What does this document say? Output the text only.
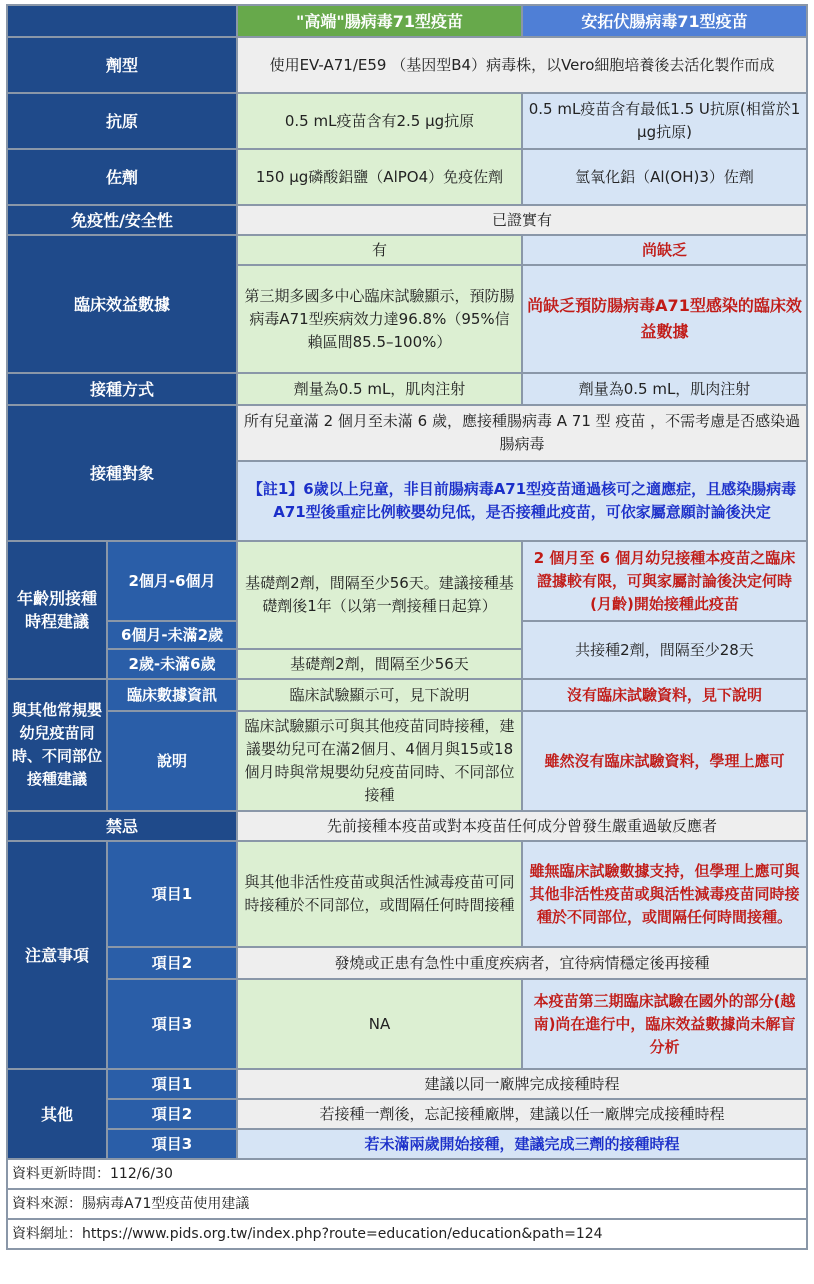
		"高端"腸病毒71型疫苗	安拓伏腸病毒71型疫苗
劑型		使用EV-A71/E59 （基因型B4）病毒株，以Vero細胞培養後去活化製作而成	
抗原		0.5 mL疫苗含有2.5 µg抗原	0.5 mL疫苗含有最低1.5 U抗原(相當於1 µg抗原)
佐劑		150 µg磷酸鋁鹽（AlPO4）免疫佐劑	氫氧化鋁（Al(OH)3）佐劑
免疫性/安全性		已證實有	
臨床效益數據		有	尚缺乏
		第三期多國多中心臨床試驗顯示，預防腸病毒A71型疾病效力達96.8%（95%信賴區間85.5–100%）	尚缺乏預防腸病毒A71型感染的臨床效益數據
接種方式		劑量為0.5 mL，肌肉注射	劑量為0.5 mL，肌肉注射
接種對象		所有兒童滿 2 個月至未滿 6 歲，應接種腸病毒 A 71 型 疫苗 ，不需考慮是否感染過腸病毒	
		【註1】6歲以上兒童，非目前腸病毒A71型疫苗通過核可之適應症，且感染腸病毒A71型後重症比例較嬰幼兒低，是否接種此疫苗，可依家屬意願討論後決定	
年齡別接種時程建議	2個月-6個月	基礎劑2劑，間隔至少56天。建議接種基礎劑後1年（以第一劑接種日起算）	2 個月至 6 個月幼兒接種本疫苗之臨床證據較有限，可與家屬討論後決定何時(月齡)開始接種此疫苗
	6個月-未滿2歲		共接種2劑，間隔至少28天
	2歲-未滿6歲	基礎劑2劑，間隔至少56天	
與其他常規嬰幼兒疫苗同時、不同部位接種建議	臨床數據資訊	臨床試驗顯示可，見下說明	沒有臨床試驗資料，見下說明
	說明	臨床試驗顯示可與其他疫苗同時接種，建議嬰幼兒可在滿2個月、4個月與15或18個月時與常規嬰幼兒疫苗同時、不同部位接種	雖然沒有臨床試驗資料，學理上應可
禁忌		先前接種本疫苗或對本疫苗任何成分曾發生嚴重過敏反應者	
注意事項	項目1	與其他非活性疫苗或與活性減毒疫苗可同時接種於不同部位，或間隔任何時間接種	雖無臨床試驗數據支持，但學理上應可與其他非活性疫苗或與活性減毒疫苗同時接種於不同部位，或間隔任何時間接種。
	項目2	發燒或正患有急性中重度疾病者，宜待病情穩定後再接種	
	項目3	NA	本疫苗第三期臨床試驗在國外的部分(越南)尚在進行中，臨床效益數據尚未解盲分析
其他	項目1	建議以同一廠牌完成接種時程	
	項目2	若接種一劑後，忘記接種廠牌，建議以任一廠牌完成接種時程	
	項目3	若未滿兩歲開始接種，建議完成三劑的接種時程	
資料更新時間：112/6/30			
資料來源：腸病毒A71型疫苗使用建議			
資料網址：https://www.pids.org.tw/index.php?route=education/education&path=124			
